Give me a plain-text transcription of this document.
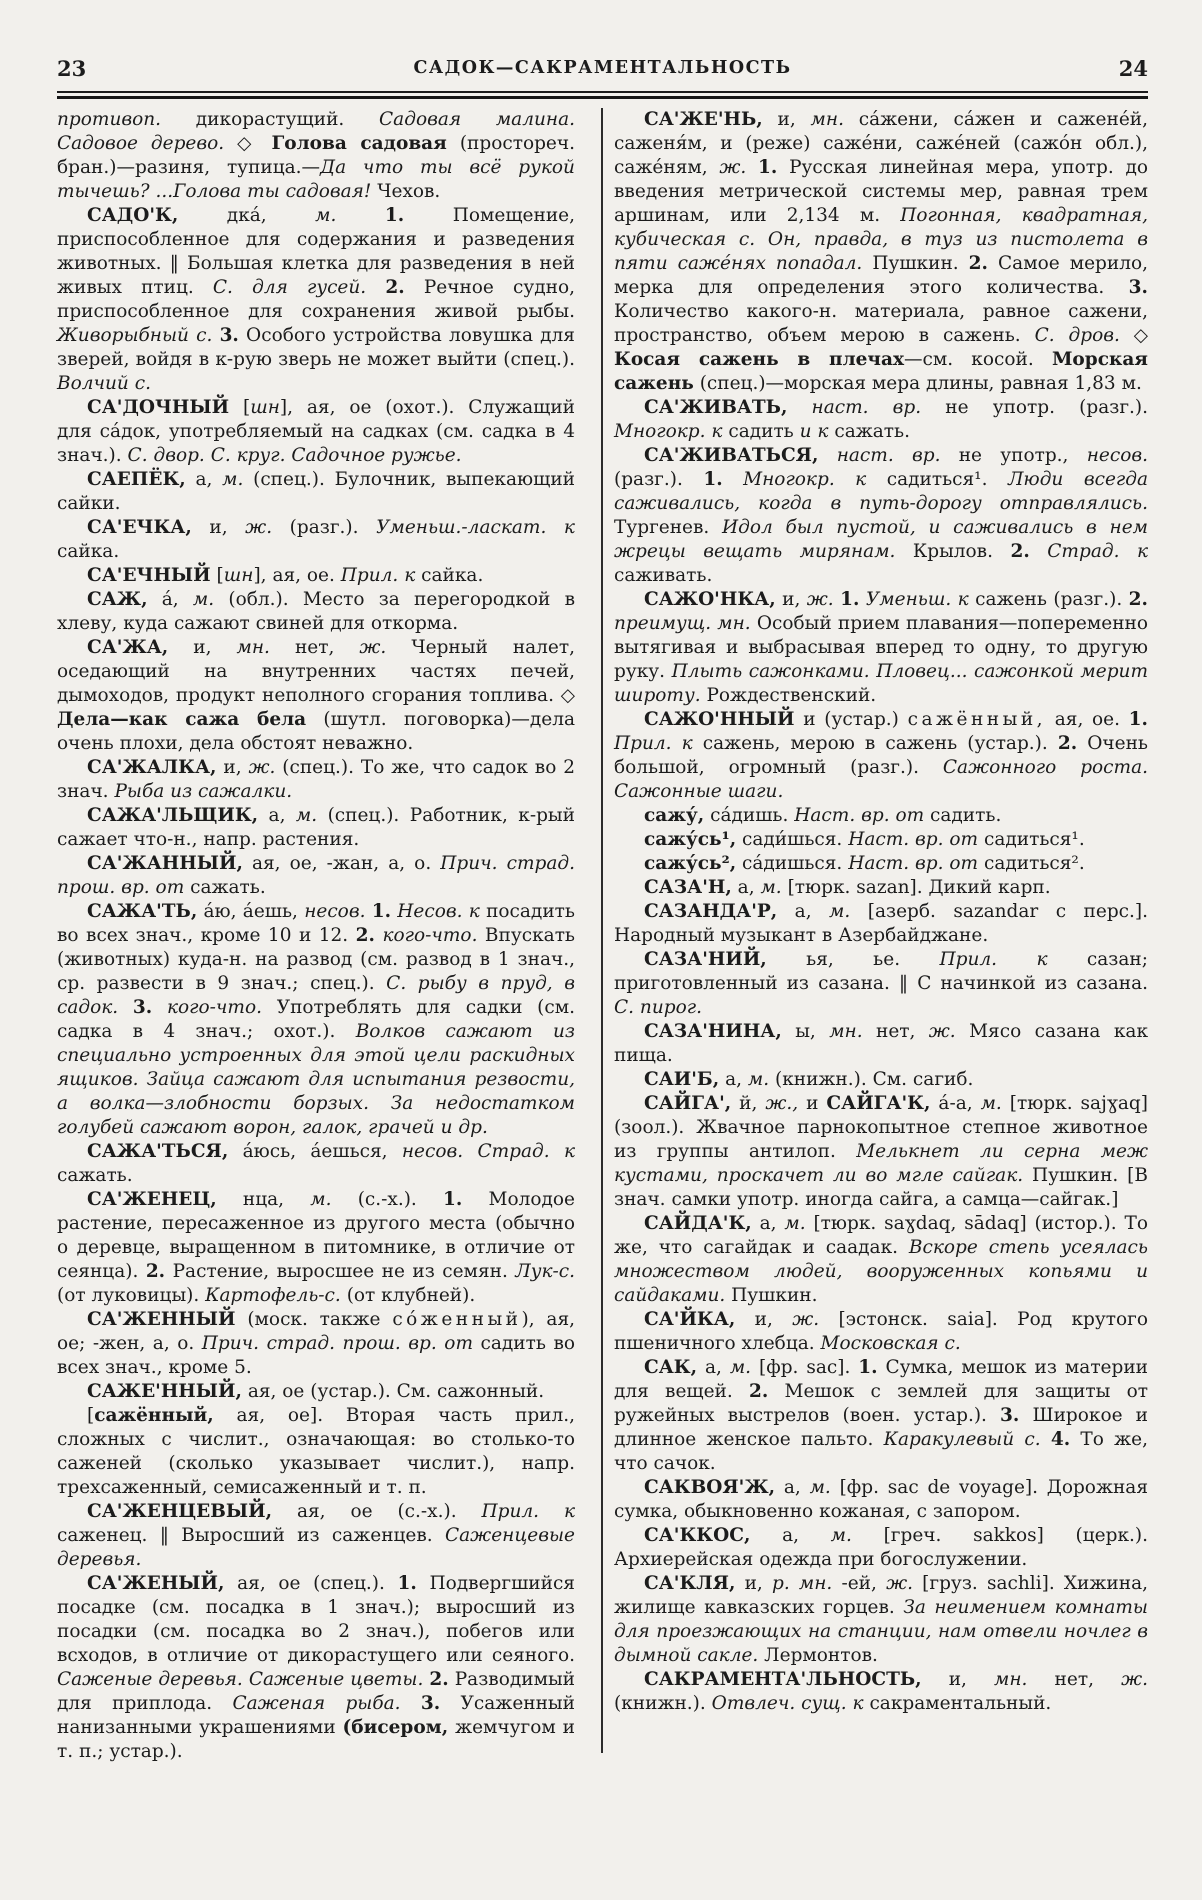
23	24
САДОК—САКРАМЕНТАЛЬНОСТЬ

противоп. дикорастущий. Садовая малина. Садовое дерево. ◇ Голова садовая (простореч. бран.)—разиня, тупица.—Да что ты всё рукой тычешь? ...Голова ты садовая! Чехов.

САДО'К, дка́, м.	1. Помещение, приспособленное для содержания и разведения животных. ‖ Большая клетка для разведения в ней живых птиц. С. для гусей. 2. Речное судно, приспособленное для сохранения живой рыбы. Живорыбный с. 3. Особого устройства ловушка для зверей, войдя в к-рую зверь не может выйти (спец.). Волчий с.

СА'ДОЧНЫЙ [шн], ая, ое (охот.). Служащий для са́док, употребляемый на садках (см. садка в 4 знач.). С. двор. С. круг. Садочное ружье.

САЕПЁК, а, м. (спец.). Булочник, выпекающий сайки.

СА'ЕЧКА, и, ж. (разг.). Уменьш.-ласкат. к сайка.

СА'ЕЧНЫЙ [шн], ая, ое. Прил. к сайка.

САЖ, а́, м. (обл.). Место за перегородкой в хлеву, куда сажают свиней для откорма.

СА'ЖА, и, мн. нет, ж. Черный налет, оседающий на внутренних частях печей, дымоходов, продукт неполного сгорания топлива. ◇ Дела—как сажа бела (шутл. поговорка)—дела очень плохи, дела обстоят неважно.

СА'ЖАЛКА, и, ж. (спец.). То же, что садок во 2 знач. Рыба из сажалки.

САЖА'ЛЬЩИК, а, м. (спец.). Работник, к-рый сажает что-н., напр. растения.

СА'ЖАННЫЙ, ая, ое, -жан, а, о. Прич. страд. прош. вр. от сажать.

САЖА'ТЬ, а́ю, а́ешь, несов. 1. Несов. к посадить во всех знач., кроме 10 и 12. 2. кого-что. Впускать (животных) куда-н. на развод (см. развод в 1 знач., ср. развести в 9 знач.; спец.). С. рыбу в пруд, в садок. 3. кого-что. Употреблять для садки (см. садка в 4 знач.; охот.). Волков сажают из специально устроенных для этой цели раскидных ящиков. Зайца сажают для испытания резвости, а волка—злобности борзых. За недостатком голубей сажают ворон, галок, грачей и др.

САЖА'ТЬСЯ, а́юсь, а́ешься, несов. Страд. к сажать.

СА'ЖЕНЕЦ, нца, м. (с.-х.). 1. Молодое растение, пересаженное из другого места (обычно о деревце, выращенном в питомнике, в отличие от сеянца). 2. Растение, выросшее не из семян. Лук-с. (от луковицы). Картофель-с. (от клубней).

СА'ЖЕННЫЙ (моск. также со́женный), ая, ое; -жен, а, о. Прич. страд. прош. вр. от садить во всех знач., кроме 5.

САЖЕ'ННЫЙ, ая, ое (устар.). См. сажонный.

[сажённый, ая, ое]. Вторая часть прил., сложных с числит., означающая: во столько-то саженей (сколько указывает числит.), напр. трехсаженный, семисаженный и т. п.

СА'ЖЕНЦЕВЫЙ, ая, ое (с.-х.). Прил. к саженец. ‖ Выросший из саженцев. Саженцевые деревья.

СА'ЖЕНЫЙ, ая, ое (спец.). 1. Подвергшийся посадке (см. посадка в 1 знач.); выросший из посадки (см. посадка во 2 знач.), побегов или всходов, в отличие от дикорастущего или сеяного. Саженые деревья. Саженые цветы. 2. Разводимый для приплода. Саженая рыба. 3. Усаженный нанизанными украшениями (бисером, жемчугом и т. п.; устар.).

СА'ЖЕ'НЬ, и, мн. са́жени, са́жен и сажене́й, саженя́м, и (реже) саже́ни, саже́ней (сажо́н обл.), саже́ням, ж. 1. Русская линейная мера, употр. до введения метрической системы мер, равная трем аршинам, или 2,134 м. Погонная, квадратная, кубическая с. Он, правда, в туз из пистолета в пяти саже́нях попадал. Пушкин. 2. Самое мерило, мерка для определения этого количества. 3. Количество какого-н. материала, равное сажени, пространство, объем мерою в сажень. С. дров. ◇ Косая сажень в плечах—см. косой. Морская сажень (спец.)—морская мера длины, равная 1,83 м.

СА'ЖИВАТЬ, наст. вр. не употр. (разг.). Многокр. к садить и к сажать.

СА'ЖИВАТЬСЯ, наст. вр. не употр., несов. (разг.). 1. Многокр. к садиться¹. Люди всегда саживались, когда в путь-дорогу отправлялись. Тургенев. Идол был пустой, и саживались в нем жрецы вещать мирянам. Крылов. 2. Страд. к саживать.

САЖО'НКА, и, ж. 1. Уменьш. к сажень (разг.). 2. преимущ. мн. Особый прием плавания—попеременно вытягивая и выбрасывая вперед то одну, то другую руку. Плыть сажонками. Пловец... сажонкой мерит широту. Рождественский.

САЖО'ННЫЙ и (устар.) сажённый, ая, ое. 1. Прил. к сажень, мерою в сажень (устар.). 2. Очень большой, огромный (разг.). Сажонного роста. Сажонные шаги.

сажу́, са́дишь. Наст. вр. от садить.

сажу́сь¹, сади́шься. Наст. вр. от садиться¹.

сажу́сь², са́дишься. Наст. вр. от садиться².

САЗА'Н, а, м. [тюрк. sazan]. Дикий карп.

САЗАНДА'Р, а, м. [азерб. sazandar с перс.]. Народный музыкант в Азербайджане.

САЗА'НИЙ, ья, ье. Прил. к сазан; приготовленный из сазана. ‖ С начинкой из сазана. С. пирог.

САЗА'НИНА, ы, мн. нет, ж. Мясо сазана как пища.

САИ'Б, а, м. (книжн.). См. сагиб.

САЙГА', й, ж., и САЙГА'К, а́-а, м. [тюрк. sajɣaq] (зоол.). Жвачное парнокопытное степное животное из группы антилоп. Мелькнет ли серна меж кустами, проскачет ли во мгле сайгак. Пушкин. [В знач. самки употр. иногда сайга, а самца—сайгак.]

САЙДА'К, а, м. [тюрк. saɣdaq, sādaq] (истор.). То же, что сагайдак и саадак. Вскоре степь усеялась множеством людей, вооруженных копьями и сайдаками. Пушкин.

СА'ЙКА, и, ж. [эстонск. saia]. Род крутого пшеничного хлебца. Московская с.

САК, а, м. [фр. sac]. 1. Сумка, мешок из материи для вещей. 2. Мешок с землей для защиты от ружейных выстрелов (воен. устар.). 3. Широкое и длинное женское пальто. Каракулевый с. 4. То же, что сачок.

САКВОЯ'Ж, а, м. [фр. sac de voyage]. Дорожная сумка, обыкновенно кожаная, с запором.

СА'ККОС, а, м. [греч. sakkos] (церк.). Архиерейская одежда при богослужении.

СА'КЛЯ, и, р. мн. -ей, ж. [груз. sachli]. Хижина, жилище кавказских горцев. За неимением комнаты для проезжающих на станции, нам отвели ночлег в дымной сакле. Лермонтов.

САКРАМЕНТА'ЛЬНОСТЬ, и, мн. нет, ж. (книжн.). Отвлеч. сущ. к сакраментальный.
